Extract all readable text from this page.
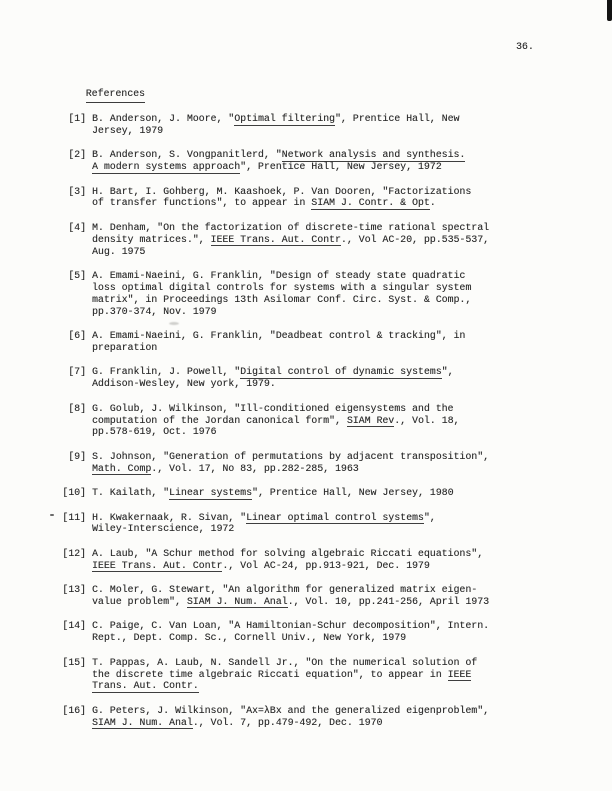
36.

References

[1] B. Anderson, J. Moore, "Optimal filtering", Prentice Hall, New
Jersey, 1979
[2] B. Anderson, S. Vongpanitlerd, "Network analysis and synthesis.
A modern systems approach", Prentice Hall, New Jersey, 1972
[3] H. Bart, I. Gohberg, M. Kaashoek, P. Van Dooren, "Factorizations
of transfer functions", to appear in SIAM J. Contr. & Opt.
[4] M. Denham, "On the factorization of discrete-time rational spectral
density matrices.", IEEE Trans. Aut. Contr., Vol AC-20, pp.535-537,
Aug. 1975
[5] A. Emami-Naeini, G. Franklin, "Design of steady state quadratic
loss optimal digital controls for systems with a singular system
matrix", in Proceedings 13th Asilomar Conf. Circ. Syst. & Comp.,
pp.370-374, Nov. 1979
[6] A. Emami-Naeini, G. Franklin, "Deadbeat control & tracking", in
preparation
[7] G. Franklin, J. Powell, "Digital control of dynamic systems",
Addison-Wesley, New york, 1979.
[8] G. Golub, J. Wilkinson, "Ill-conditioned eigensystems and the
computation of the Jordan canonical form", SIAM Rev., Vol. 18,
pp.578-619, Oct. 1976
[9] S. Johnson, "Generation of permutations by adjacent transposition",
Math. Comp., Vol. 17, No 83, pp.282-285, 1963
[10] T. Kailath, "Linear systems", Prentice Hall, New Jersey, 1980
[11] H. Kwakernaak, R. Sivan, "Linear optimal control systems",
Wiley-Interscience, 1972
[12] A. Laub, "A Schur method for solving algebraic Riccati equations",
IEEE Trans. Aut. Contr., Vol AC-24, pp.913-921, Dec. 1979
[13] C. Moler, G. Stewart, "An algorithm for generalized matrix eigen-
value problem", SIAM J. Num. Anal., Vol. 10, pp.241-256, April 1973
[14] C. Paige, C. Van Loan, "A Hamiltonian-Schur decomposition", Intern.
Rept., Dept. Comp. Sc., Cornell Univ., New York, 1979
[15] T. Pappas, A. Laub, N. Sandell Jr., "On the numerical solution of
the discrete time algebraic Riccati equation", to appear in IEEE
Trans. Aut. Contr.
[16] G. Peters, J. Wilkinson, "Ax=λBx and the generalized eigenproblem",
SIAM J. Num. Anal., Vol. 7, pp.479-492, Dec. 1970
